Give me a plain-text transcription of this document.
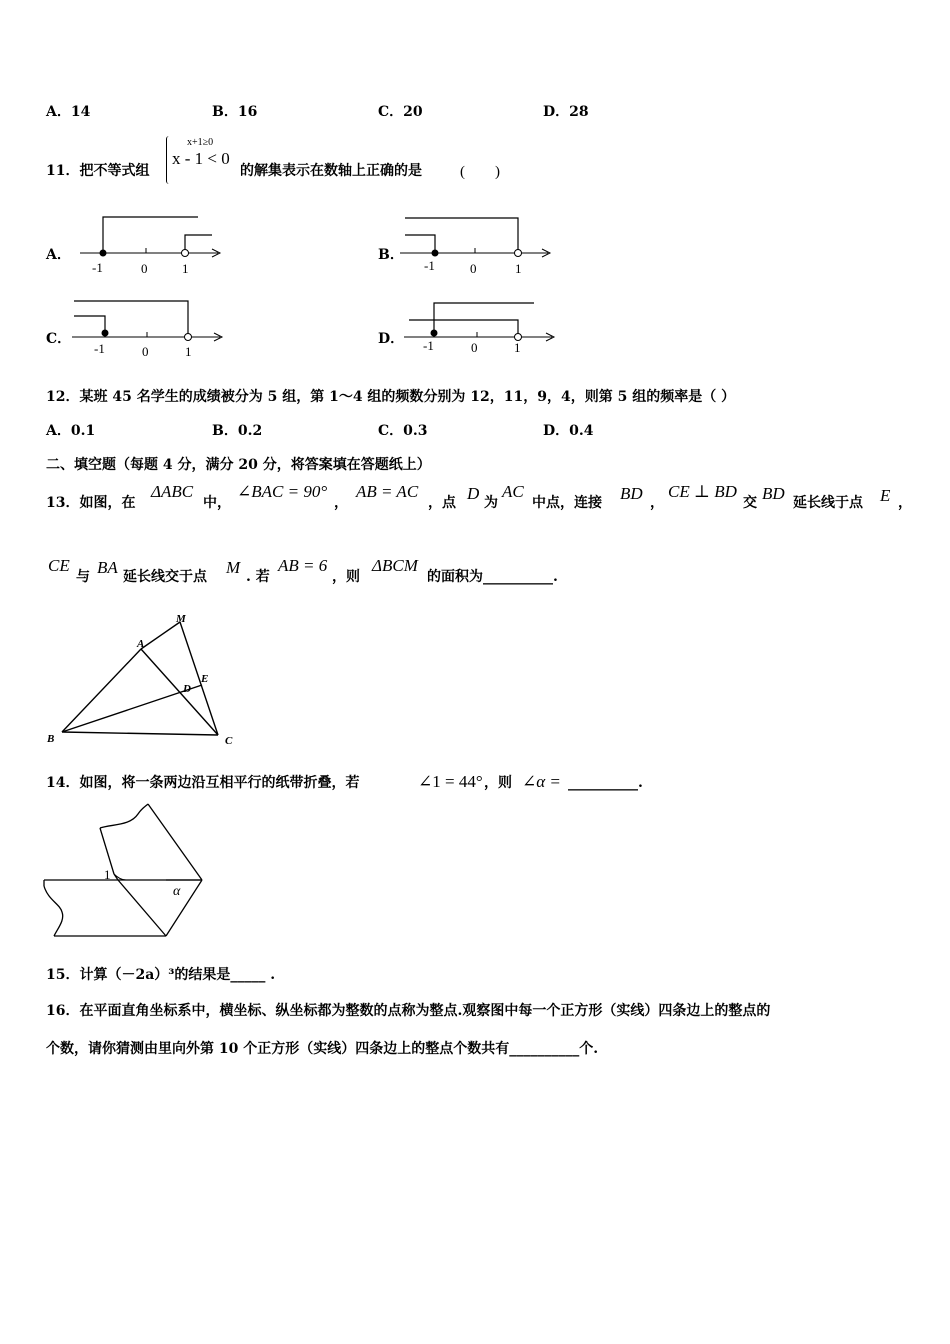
A．14	B．16	C．20	D．28
11．把不等式组
x+1≥0
x - 1 < 0
的解集表示在数轴上正确的是	(        )
A．	B．
C．	D．
-1	0	1	-1	0	1
-1	0	1	-1	0	1
12．某班 45 名学生的成绩被分为 5 组，第 1～4 组的频数分别为 12，11，9，4，则第 5 组的频率是（ ）
A．0.1	B．0.2	C．0.3	D．0.4
二、填空题（每题 4 分，满分 20 分，将答案填在答题纸上）
13．如图，在
ΔABC
中，
∠BAC = 90°
，
AB = AC
，点 D 为
AC
中点，连接 BD ，
CE ⊥ BD
交 BD 延长线于点 E ，
CE
与 BA 延长线交于点 M . 若
AB = 6
，则
ΔBCM
的面积为__________.
M
A
D
E
B	C
14．如图，将一条两边沿互相平行的纸带折叠，若	∠1 = 44° ，则 ∠α = __________.
1
α
15．计算（－2a）³的结果是_____ .
16．在平面直角坐标系中，横坐标、纵坐标都为整数的点称为整点.观察图中每一个正方形（实线）四条边上的整点的
个数，请你猜测由里向外第 10 个正方形（实线）四条边上的整点个数共有__________个.
